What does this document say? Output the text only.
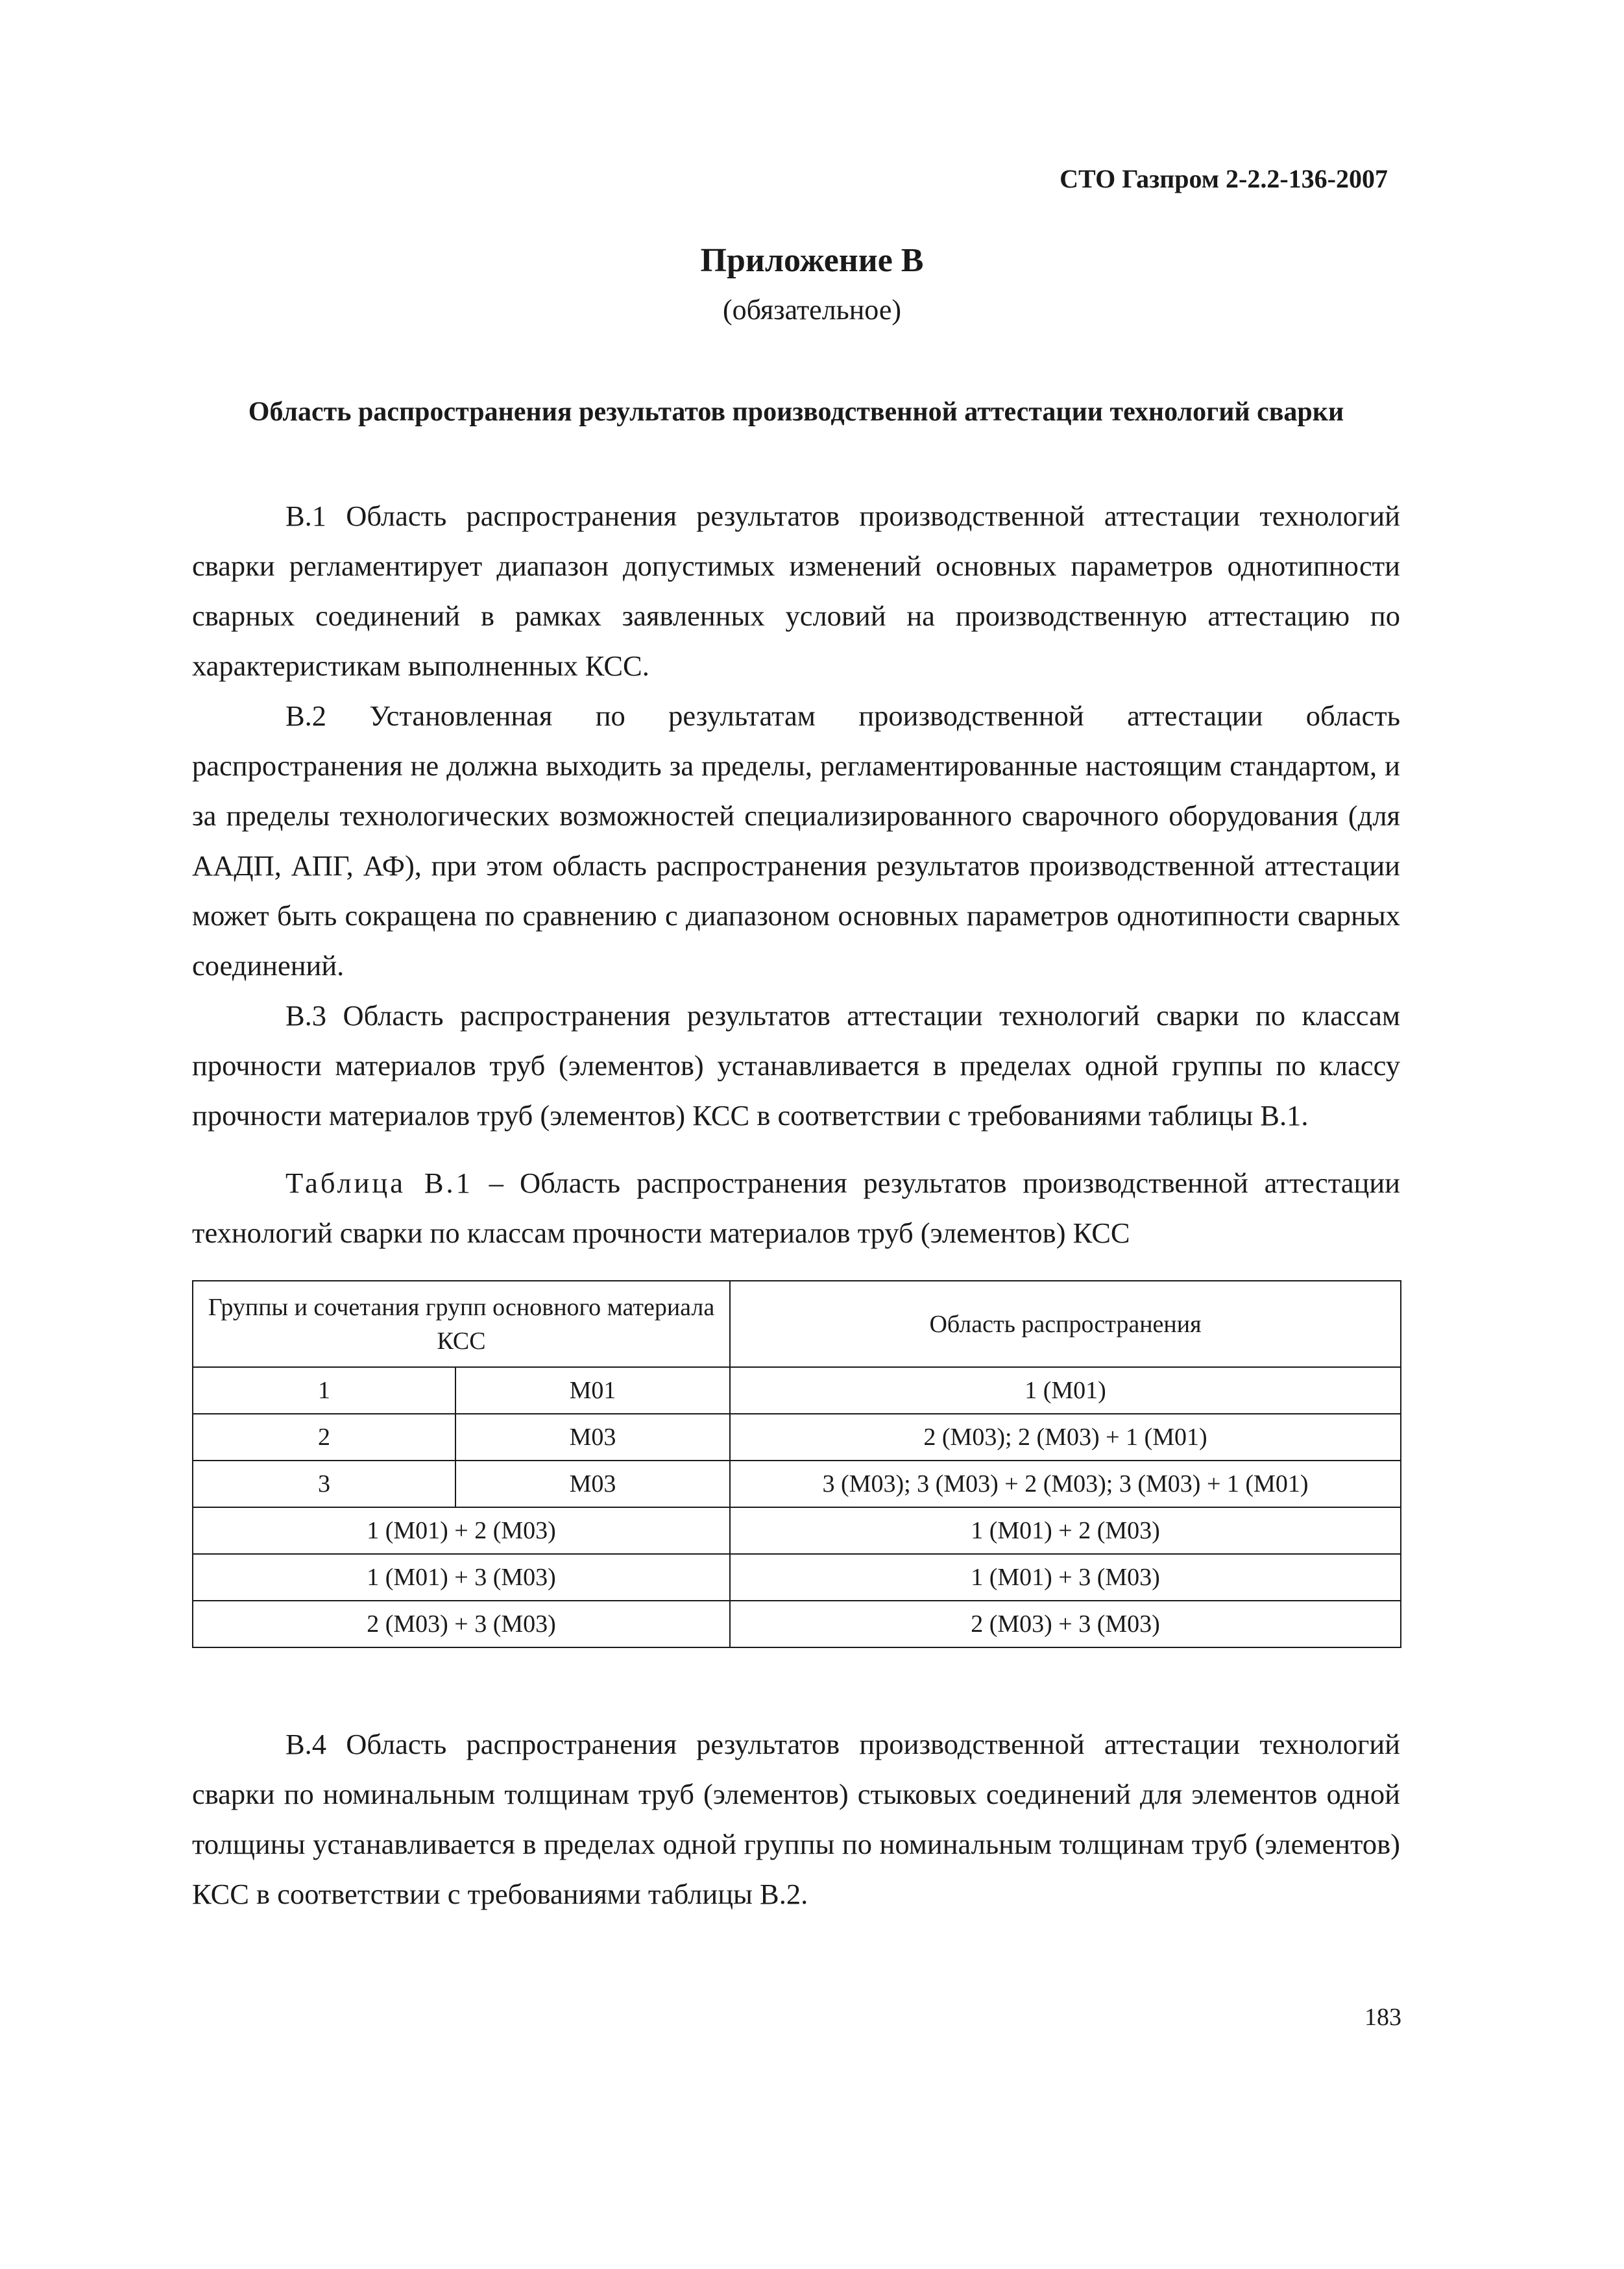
СТО Газпром 2-2.2-136-2007
Приложение В
(обязательное)
Область распространения результатов производственной аттестации технологий сварки

В.1 Область распространения результатов производственной аттестации технологий сварки регламентирует диапазон допустимых изменений основных параметров однотипности сварных соединений в рамках заявленных условий на производственную аттестацию по характеристикам выполненных КСС.

В.2 Установленная по результатам производственной аттестации область распространения не должна выходить за пределы, регламентированные настоящим стандартом, и за пределы технологических возможностей специализированного сварочного оборудования (для ААДП, АПГ, АФ), при этом область распространения результатов производственной аттестации может быть сокращена по сравнению с диапазоном основных параметров однотипности сварных соединений.

В.3 Область распространения результатов аттестации технологий сварки по классам прочности материалов труб (элементов) устанавливается в пределах одной группы по классу прочности материалов труб (элементов) КСС в соответствии с требованиями таблицы В.1.

Таблица В.1 – Область распространения результатов производственной аттестации технологий сварки по классам прочности материалов труб (элементов) КСС

Группы и сочетания групп основного материала КСС		Область распространения
1	М01	1 (М01)
2	М03	2 (М03); 2 (М03) + 1 (М01)
3	М03	3 (М03); 3 (М03) + 2 (М03); 3 (М03) + 1 (М01)
1 (М01) + 2 (М03)		1 (М01) + 2 (М03)
1 (М01) + 3 (М03)		1 (М01) + 3 (М03)
2 (М03) + 3 (М03)		2 (М03) + 3 (М03)

В.4 Область распространения результатов производственной аттестации технологий сварки по номинальным толщинам труб (элементов) стыковых соединений для элементов одной толщины устанавливается в пределах одной группы по номинальным толщинам труб (элементов) КСС в соответствии с требованиями таблицы В.2.

183
